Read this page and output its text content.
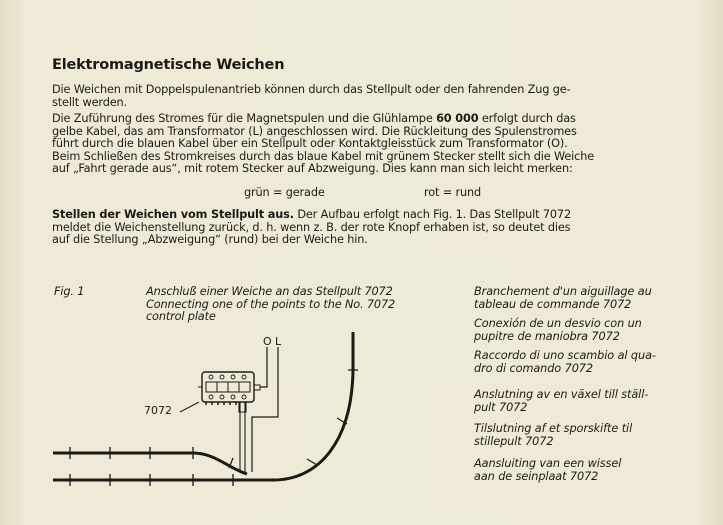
Elektromagnetische Weichen
Die Weichen mit Doppelspulenantrieb können durch das Stellpult oder den fahrenden Zug ge-
stellt werden.
Die Zuführung des Stromes für die Magnetspulen und die Glühlampe 60 000 erfolgt durch das
gelbe Kabel, das am Transformator (L) angeschlossen wird. Die Rückleitung des Spulenstromes
führt durch die blauen Kabel über ein Stellpult oder Kontaktgleisstück zum Transformator (O).
Beim Schließen des Stromkreises durch das blaue Kabel mit grünem Stecker stellt sich die Weiche
auf „Fahrt gerade aus“, mit rotem Stecker auf Abzweigung. Dies kann man sich leicht merken:
grün = gerade	rot = rund
Stellen der Weichen vom Stellpult aus. Der Aufbau erfolgt nach Fig. 1. Das Stellpult 7072
meldet die Weichenstellung zurück, d. h. wenn z. B. der rote Knopf erhaben ist, so deutet dies
auf die Stellung „Abzweigung“ (rund) bei der Weiche hin.
Fig. 1	Anschluß einer Weiche an das Stellpult 7072
Connecting one of the points to the No. 7072
control plate
Branchement d'un aiguillage au
tableau de commande 7072
Conexión de un desvio con un
pupitre de maniobra 7072
Raccordo di uno scambio al qua-
dro di comando 7072
Anslutning av en växel till ställ-
pult 7072
Tilslutning af et sporskifte til
stillepult 7072
Aansluiting van een wissel
aan de seinplaat 7072
O L
7072
